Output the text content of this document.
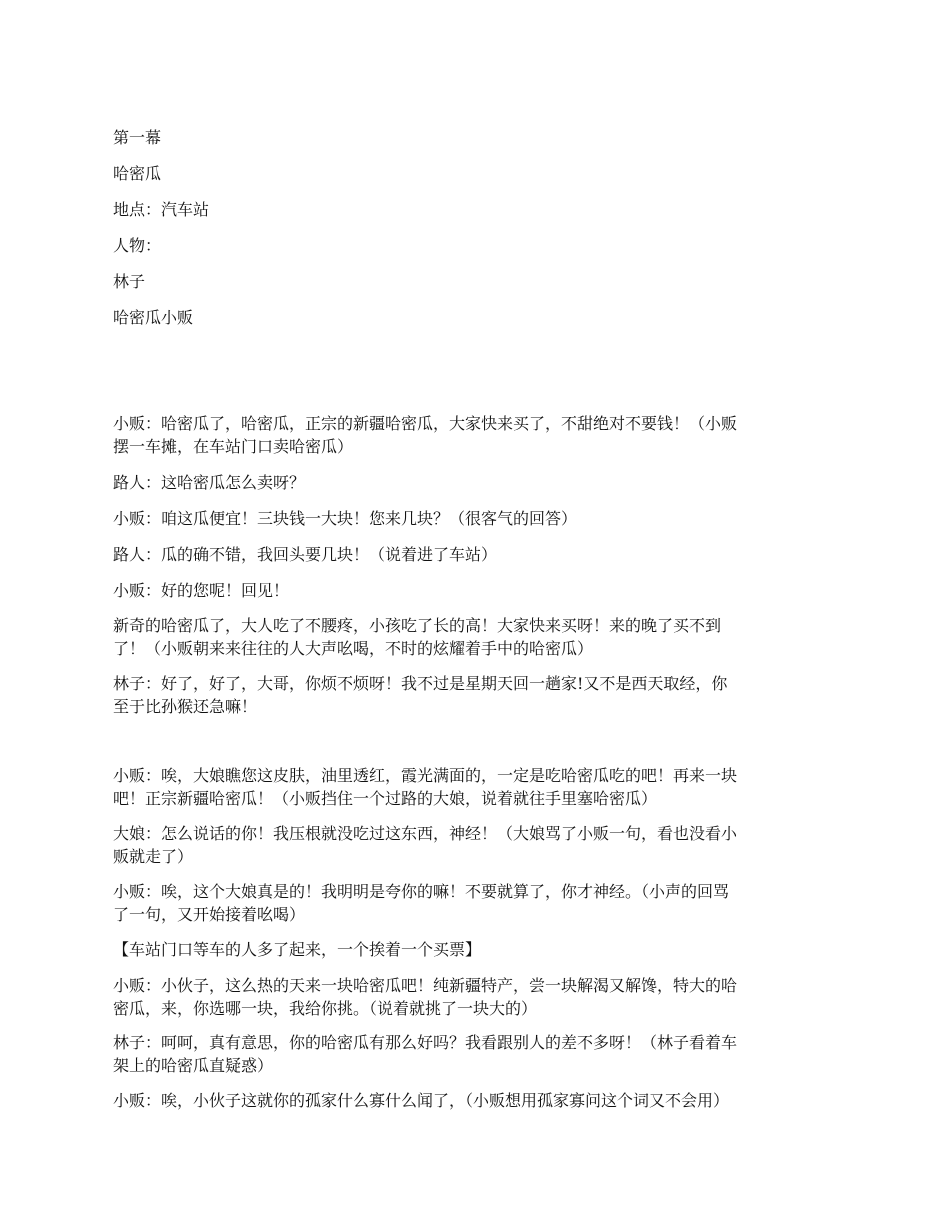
第一幕

哈密瓜

地点：汽车站

人物：

林子

哈密瓜小贩

小贩：哈密瓜了，哈密瓜，正宗的新疆哈密瓜，大家快来买了，不甜绝对不要钱！（小贩
摆一车摊，在车站门口卖哈密瓜）
路人：这哈密瓜怎么卖呀？
小贩：咱这瓜便宜！三块钱一大块！您来几块？（很客气的回答）
路人：瓜的确不错，我回头要几块！（说着进了车站）
小贩：好的您呢！回见！
新奇的哈密瓜了，大人吃了不腰疼，小孩吃了长的高！大家快来买呀！来的晚了买不到
了！（小贩朝来来往往的人大声吆喝，不时的炫耀着手中的哈密瓜）
林子：好了，好了，大哥，你烦不烦呀！我不过是星期天回一趟家!又不是西天取经，你
至于比孙猴还急嘛！
小贩：唉，大娘瞧您这皮肤，油里透红，霞光满面的，一定是吃哈密瓜吃的吧！再来一块
吧！正宗新疆哈密瓜！（小贩挡住一个过路的大娘，说着就往手里塞哈密瓜）
大娘：怎么说话的你！我压根就没吃过这东西，神经！（大娘骂了小贩一句，看也没看小
贩就走了）
小贩：唉，这个大娘真是的！我明明是夸你的嘛！不要就算了，你才神经。（小声的回骂
了一句，又开始接着吆喝）
【车站门口等车的人多了起来，一个挨着一个买票】
小贩：小伙子，这么热的天来一块哈密瓜吧！纯新疆特产，尝一块解渴又解馋，特大的哈
密瓜，来，你选哪一块，我给你挑。（说着就挑了一块大的）
林子：呵呵，真有意思，你的哈密瓜有那么好吗？我看跟别人的差不多呀！（林子看着车
架上的哈密瓜直疑惑）
小贩：唉，小伙子这就你的孤家什么寡什么闻了，（小贩想用孤家寡问这个词又不会用）
